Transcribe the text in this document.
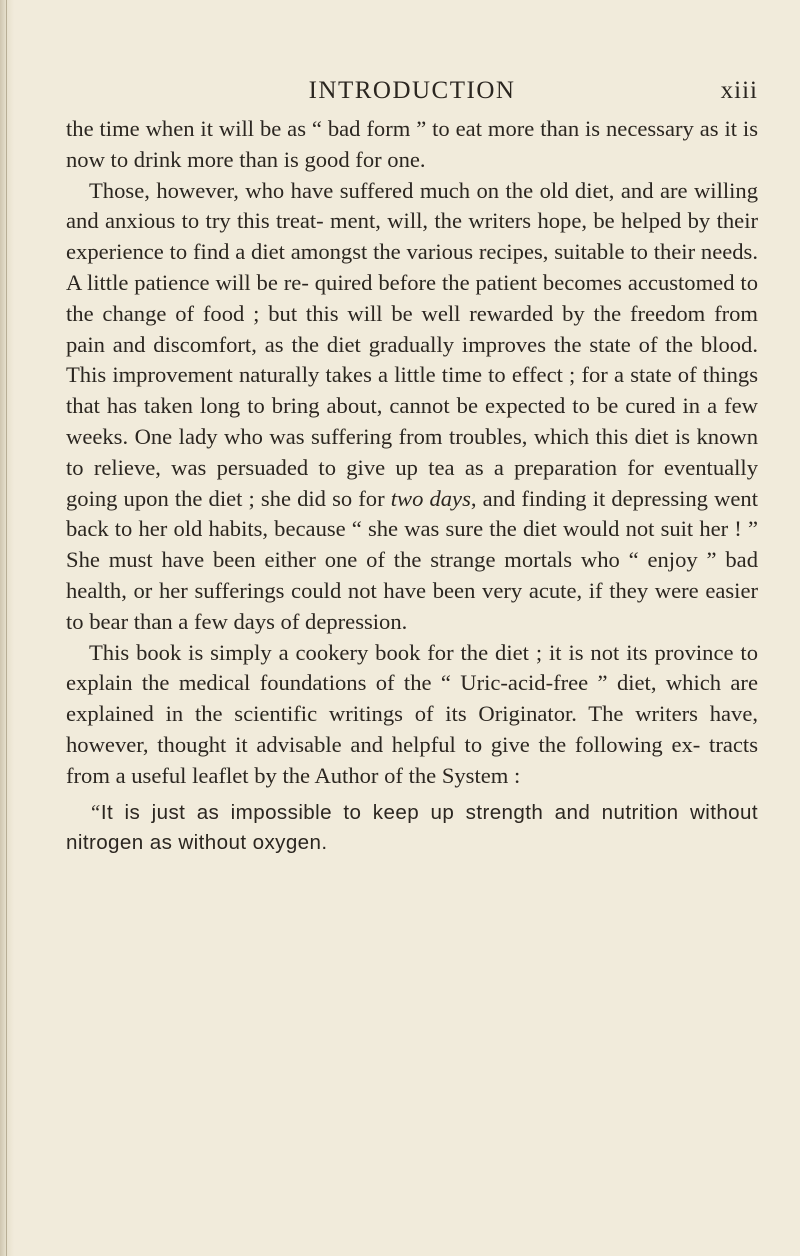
INTRODUCTION	xiii

the time when it will be as “ bad form ” to eat more than is necessary as it is now to drink more than is good for one.

Those, however, who have suffered much on the old diet, and are willing and anxious to try this treat- ment, will, the writers hope, be helped by their experience to find a diet amongst the various recipes, suitable to their needs. A little patience will be re- quired before the patient becomes accustomed to the change of food ; but this will be well rewarded by the freedom from pain and discomfort, as the diet gradually improves the state of the blood. This improvement naturally takes a little time to effect ; for a state of things that has taken long to bring about, cannot be expected to be cured in a few weeks. One lady who was suffering from troubles, which this diet is known to relieve, was persuaded to give up tea as a preparation for eventually going upon the diet ; she did so for two days, and finding it depressing went back to her old habits, because “ she was sure the diet would not suit her ! ” She must have been either one of the strange mortals who “ enjoy ” bad health, or her sufferings could not have been very acute, if they were easier to bear than a few days of depression.

This book is simply a cookery book for the diet ; it is not its province to explain the medical foundations of the “ Uric-acid-free ” diet, which are explained in the scientific writings of its Originator. The writers have, however, thought it advisable and helpful to give the following ex- tracts from a useful leaflet by the Author of the System :

“It is just as impossible to keep up strength and nutrition without nitrogen as without oxygen.
